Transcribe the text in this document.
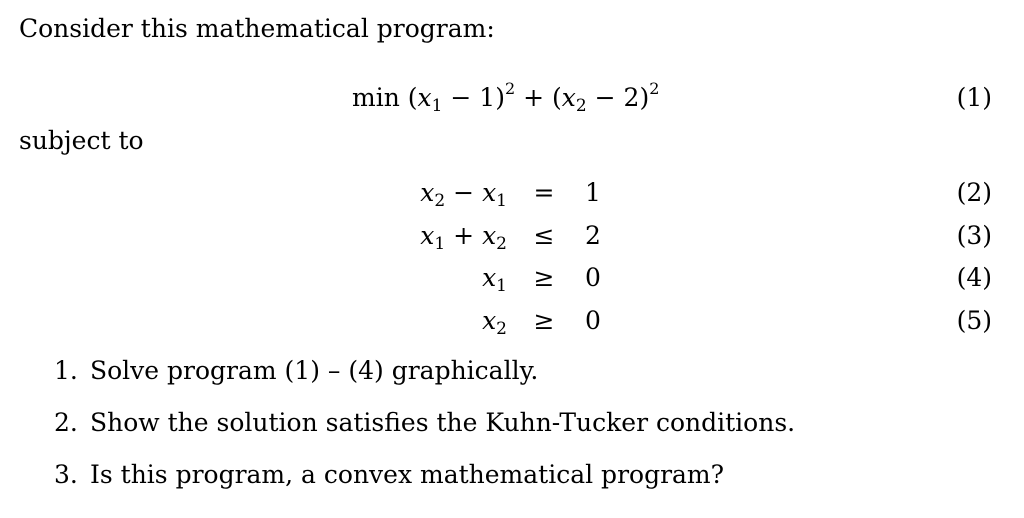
Consider this mathematical program:
$\min (x_1 - 1)^2 + (x_2 - 2)^2$	(1)
subject to
$x_2 - x_1$	=	1	(2)
$x_1 + x_2$	≤	2	(3)
$x_1$	≥	0	(4)
$x_2$	≥	0	(5)
1. Solve program (1) – (4) graphically.
2. Show the solution satisfies the Kuhn-Tucker conditions.
3. Is this program, a convex mathematical program?
